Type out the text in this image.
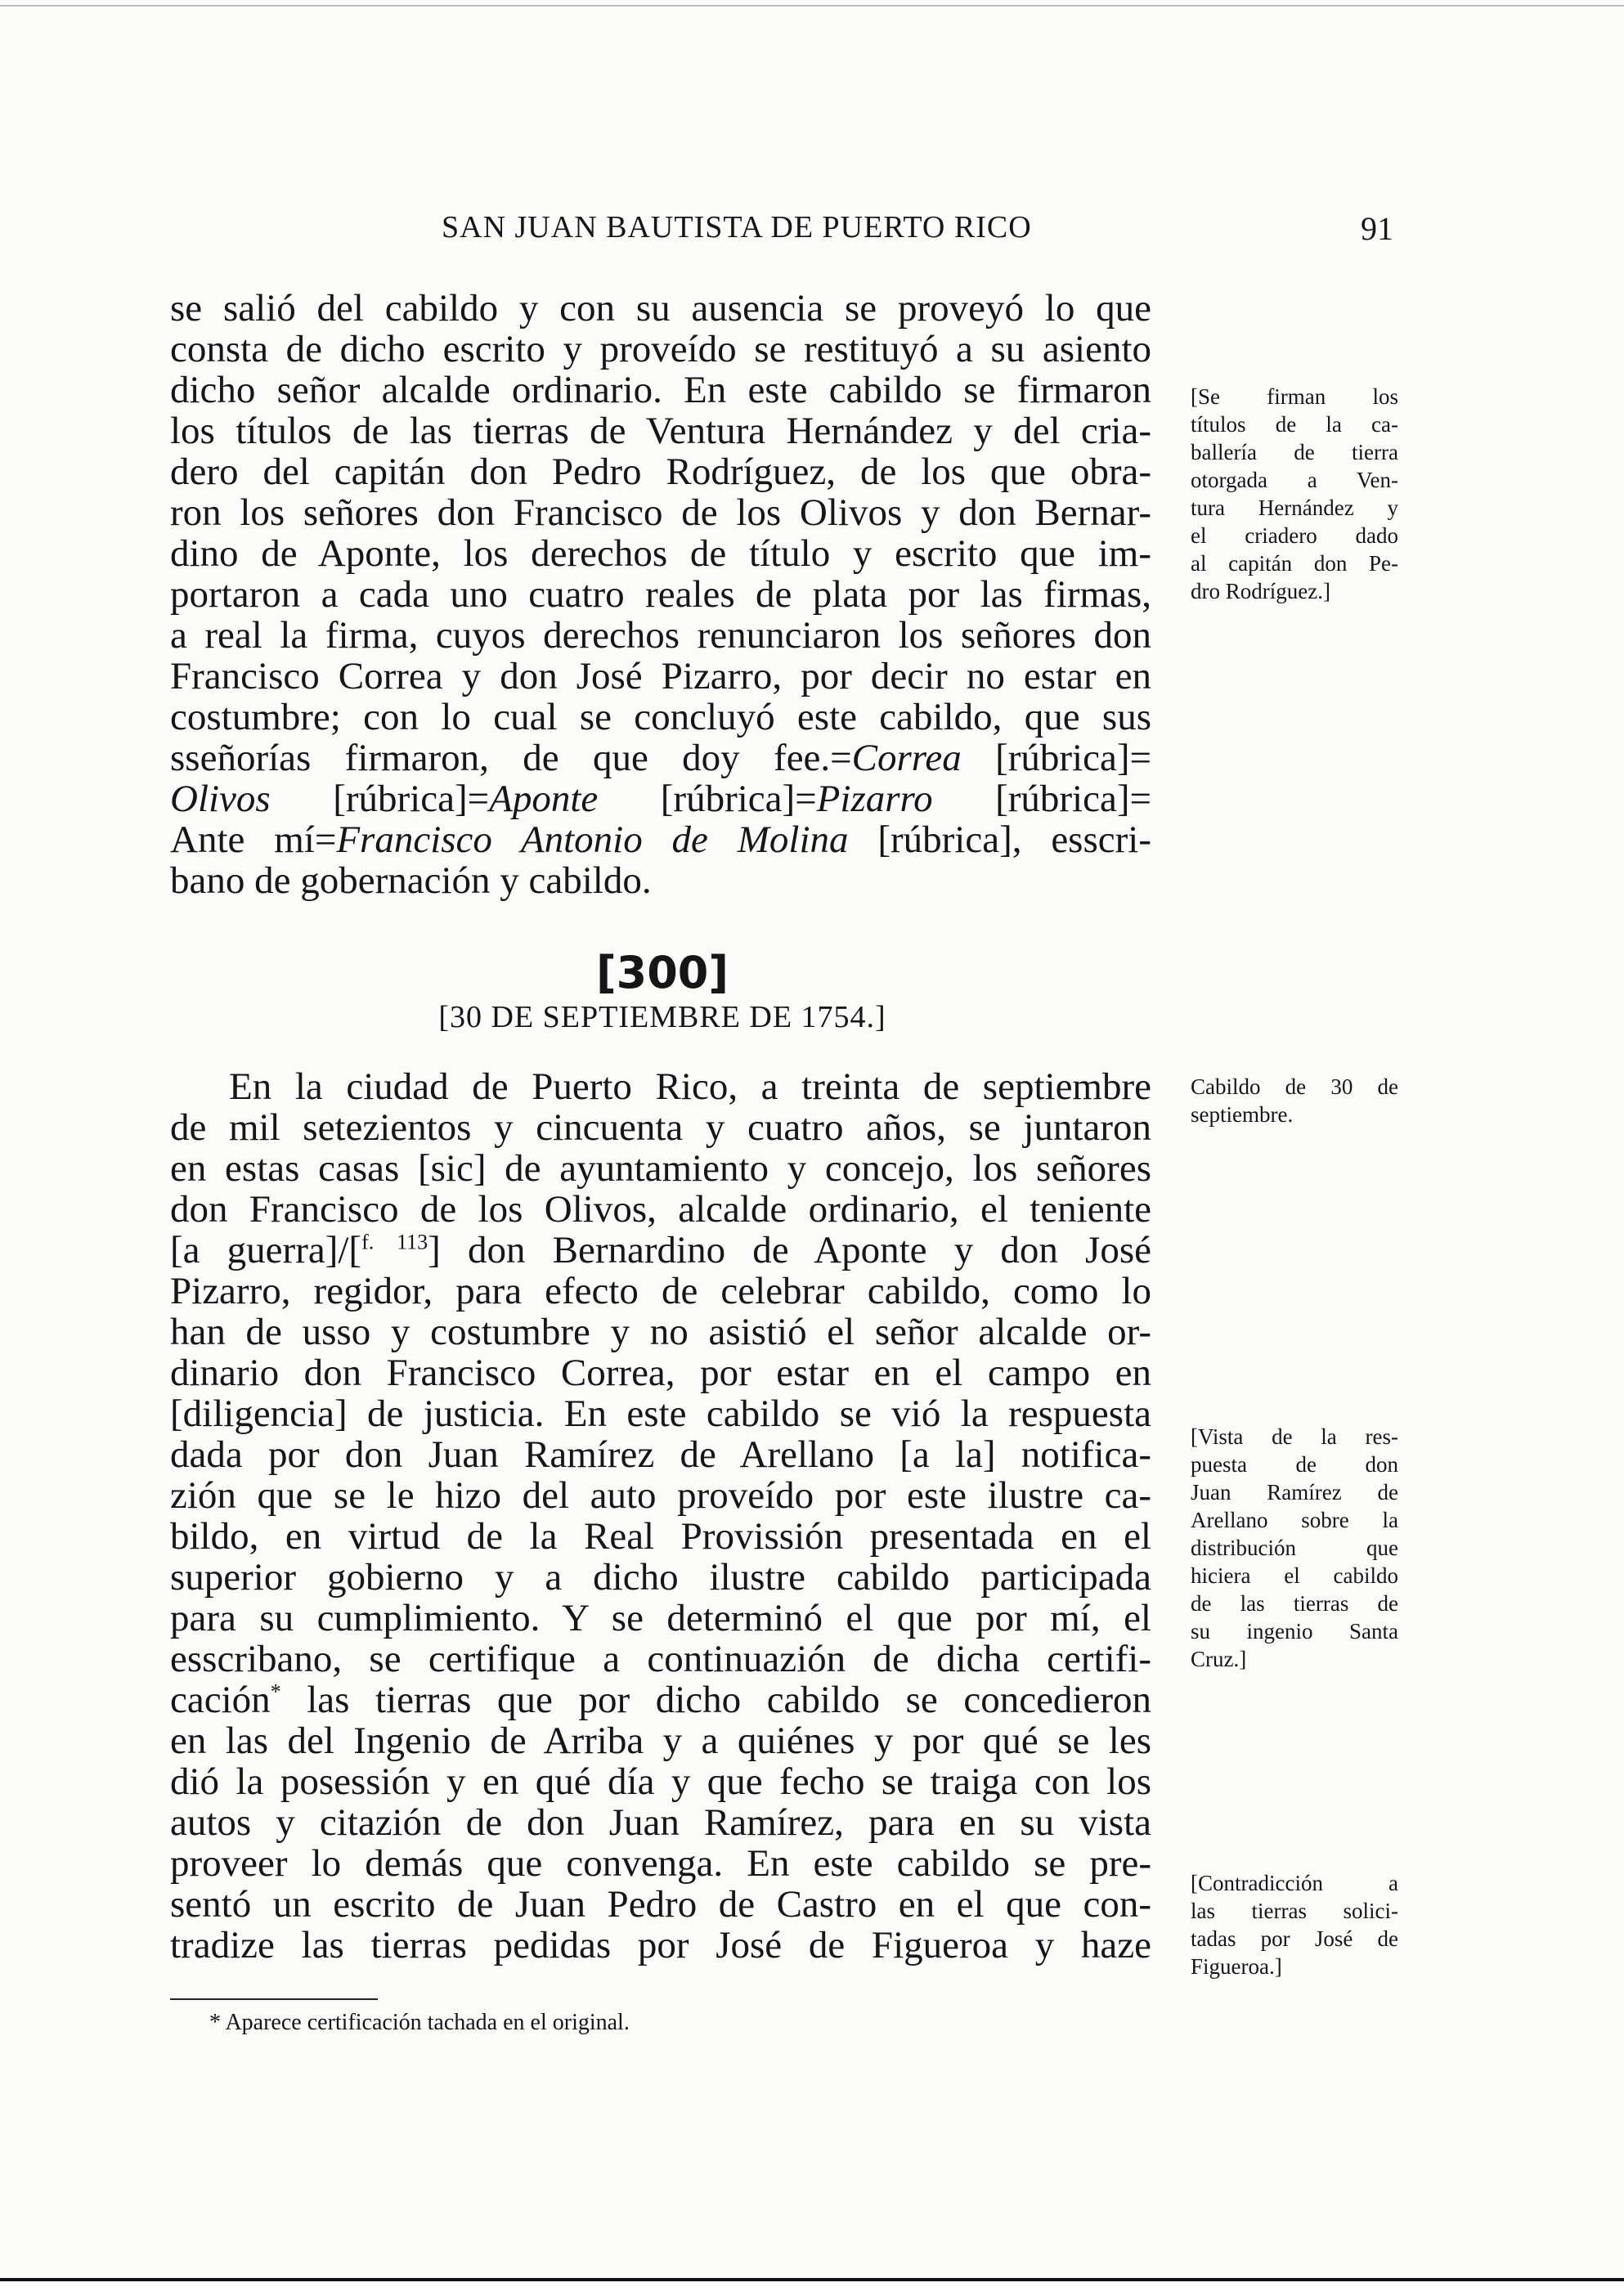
SAN JUAN BAUTISTA DE PUERTO RICO	91
se salió del cabildo y con su ausencia se proveyó lo que
consta de dicho escrito y proveído se restituyó a su asiento
dicho señor alcalde ordinario. En este cabildo se firmaron
los títulos de las tierras de Ventura Hernández y del cria-
dero del capitán don Pedro Rodríguez, de los que obra-
ron los señores don Francisco de los Olivos y don Bernar-
dino de Aponte, los derechos de título y escrito que im-
portaron a cada uno cuatro reales de plata por las firmas,
a real la firma, cuyos derechos renunciaron los señores don
Francisco Correa y don José Pizarro, por decir no estar en
costumbre; con lo cual se concluyó este cabildo, que sus
sseñorías firmaron, de que doy fee.=Correa [rúbrica]=
Olivos [rúbrica]=Aponte [rúbrica]=Pizarro [rúbrica]=
Ante mí=Francisco Antonio de Molina [rúbrica], esscri-
bano de gobernación y cabildo.
[300]
[30 DE SEPTIEMBRE DE 1754.]
En la ciudad de Puerto Rico, a treinta de septiembre
de mil setezientos y cincuenta y cuatro años, se juntaron
en estas casas [sic] de ayuntamiento y concejo, los señores
don Francisco de los Olivos, alcalde ordinario, el teniente
[a guerra]/[$^{f. 113}$] don Bernardino de Aponte y don José
Pizarro, regidor, para efecto de celebrar cabildo, como lo
han de usso y costumbre y no asistió el señor alcalde or-
dinario don Francisco Correa, por estar en el campo en
[diligencia] de justicia. En este cabildo se vió la respuesta
dada por don Juan Ramírez de Arellano [a la] notifica-
zión que se le hizo del auto proveído por este ilustre ca-
bildo, en virtud de la Real Provissión presentada en el
superior gobierno y a dicho ilustre cabildo participada
para su cumplimiento. Y se determinó el que por mí, el
esscribano, se certifique a continuazión de dicha certifi-
cación* las tierras que por dicho cabildo se concedieron
en las del Ingenio de Arriba y a quiénes y por qué se les
dió la posessión y en qué día y que fecho se traiga con los
autos y citazión de don Juan Ramírez, para en su vista
proveer lo demás que convenga. En este cabildo se pre-
sentó un escrito de Juan Pedro de Castro en el que con-
tradize las tierras pedidas por José de Figueroa y haze
[Se firman los
títulos de la ca-
ballería de tierra
otorgada a Ven-
tura Hernández y
el criadero dado
al capitán don Pe-
dro Rodríguez.]
Cabildo de 30 de
septiembre.
[Vista de la res-
puesta de don
Juan Ramírez de
Arellano sobre la
distribución que
hiciera el cabildo
de las tierras de
su ingenio Santa
Cruz.]
[Contradicción a
las tierras solici-
tadas por José de
Figueroa.]
* Aparece certificación tachada en el original.
